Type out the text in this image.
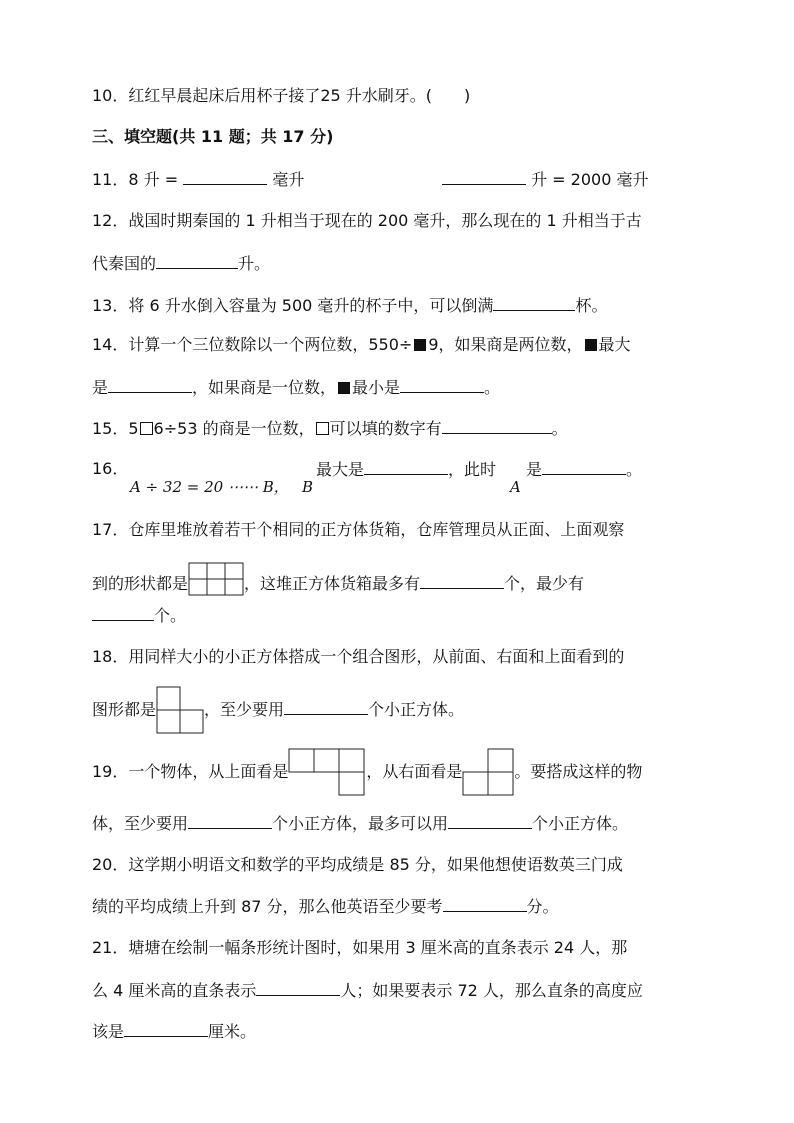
10．红红早晨起床后用杯子接了25 升水刷牙。(　　)
三、填空题(共 11 题；共 17 分)
11．8 升 =	毫升	升 = 2000 毫升
12．战国时期秦国的 1 升相当于现在的 200 毫升，那么现在的 1 升相当于古
代秦国的	升。
13．将 6 升水倒入容量为 500 毫升的杯子中，可以倒满	杯。
14．计算一个三位数除以一个两位数，550÷ 9，如果商是两位数， 最大
是	，如果商是一位数， 最小是	。
15．5 6÷53 的商是一位数， 可以填的数字有	。
16．
A ÷ 32 = 20 ⋯⋯ B， B
最大是	，此时
A
是	。
17．仓库里堆放着若干个相同的正方体货箱，仓库管理员从正面、上面观察
到的形状都是	，这堆正方体货箱最多有	个，最少有
个。
18．用同样大小的小正方体搭成一个组合图形，从前面、右面和上面看到的
图形都是	，至少要用	个小正方体。
19．一个物体，从上面看是	，从右面看是	。要搭成这样的物
体，至少要用	个小正方体，最多可以用	个小正方体。
20．这学期小明语文和数学的平均成绩是 85 分，如果他想使语数英三门成
绩的平均成绩上升到 87 分，那么他英语至少要考	分。
21．塘塘在绘制一幅条形统计图时，如果用 3 厘米高的直条表示 24 人，那
么 4 厘米高的直条表示	人；如果要表示 72 人，那么直条的高度应
该是	厘米。
